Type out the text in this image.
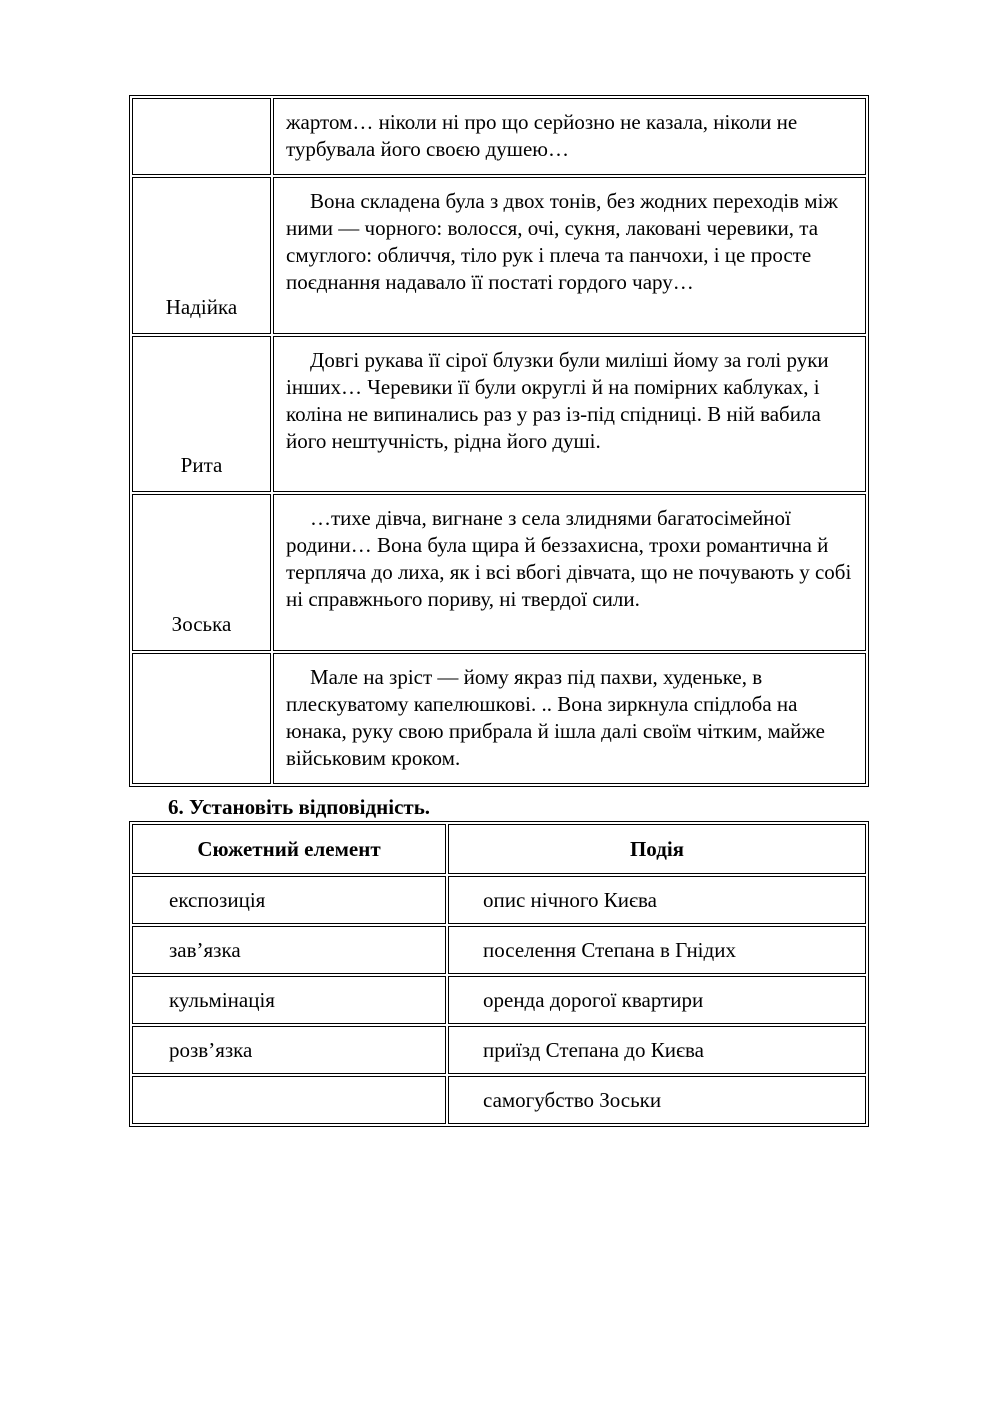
	жартом… ніколи ні про що серйозно не казала, ніколи не турбувала його своєю душею…
Надійка	Вона складена була з двох тонів, без жодних переходів між ними — чорного: волосся, очі, сукня, лаковані черевики, та смуглого: обличчя, тіло рук і плеча та панчохи, і це просте поєднання надавало її постаті гордого чару…

Рита	Довгі рукава її сірої блузки були миліші йому за голі руки інших… Черевики її були округлі й на помірних каблуках, і коліна не випинались раз у раз із-під спідниці. В ній вабила його нештучність, рідна його душі.

Зоська	…тихе дівча, вигнане з села злиднями багатосімейної родини… Вона була щира й беззахисна, трохи романтична й терпляча до лиха, як і всі вбогі дівчата, що не почувають у собі ні справжнього пориву, ні твердої сили.

	Мале на зріст — йому якраз під пахви, худеньке, в плескуватому капелюшкові. .. Вона зиркнула спідлоба на юнака, руку свою прибрала й ішла далі своїм чітким, майже військовим кроком.
6. Установіть відповідність.
Сюжетний елемент	Подія
експозиція	опис нічного Києва
зав’язка	поселення Степана в Гнідих
кульмінація	оренда дорогої квартири
розв’язка	приїзд Степана до Києва
	самогубство Зоськи
